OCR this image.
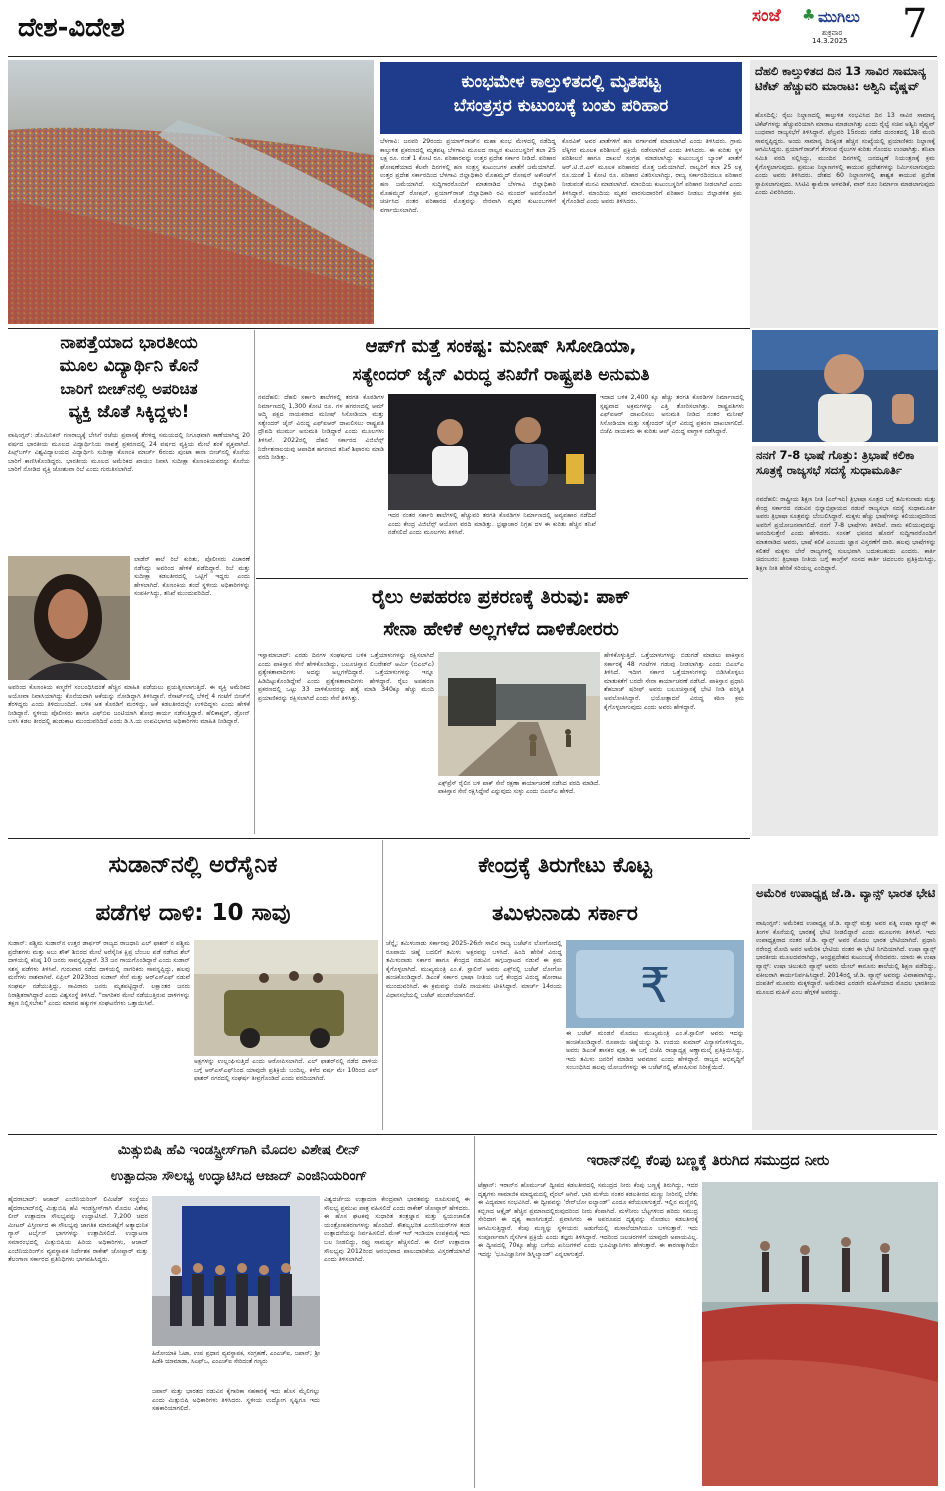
ದೇಶ-ವಿದೇಶ	ಸಂಜೆ ♣ ಮುಗಿಲು
ಶುಕ್ರವಾರ
14.3.2025 7
ಕುಂಭಮೇಳ ಕಾಲ್ತುಳಿತದಲ್ಲಿ ಮೃತಪಟ್ಟ
ಬೆಸಂತ್ರಸ್ತರ ಕುಟುಂಬಕ್ಕೆ ಬಂತು ಪರಿಹಾರ
ಬೆಳಗಾವಿ: ಜನವರಿ 29ರಂದು ಪ್ರಯಾಗ್‌ರಾಜ್‌ನ ಮಹಾ ಕುಂಭ ಮೇಳದಲ್ಲಿ ನಡೆದಿದ್ದ ಕಾಲ್ತುಳಿತ ಪ್ರಕರಣದಲ್ಲಿ ಮೃತಪಟ್ಟ ಬೆಳಗಾವಿ ಮೂಲದ ನಾಲ್ವರ ಕುಟುಂಬಸ್ಥರಿಗೆ ತಲಾ 25 ಲಕ್ಷ ರೂ. ನಂತೆ 1 ಕೋಟಿ ರೂ. ಪರಿಹಾರವನ್ನು ಉತ್ತರ ಪ್ರದೇಶ ಸರ್ಕಾರ ನೀಡಿದೆ. ಪರಿಹಾರ ಘೋಷಣೆಯಾದ ಕೆಲವೇ ದಿನಗಳಲ್ಲಿ ಹಣ ಸಂತ್ರಸ್ತ ಕುಟುಂಬಗಳ ಖಾತೆಗೆ ಜಮೆಯಾಗಿದೆ. ಉತ್ತರ ಪ್ರದೇಶ ಸರ್ಕಾರದಿಂದ ಬೆಳಗಾವಿ ಜಿಲ್ಲಾಧಿಕಾರಿ ಮೊಹಮ್ಮದ್ ರೋಷನ್ ಅಕೌಂಟ್‌ಗೆ ಹಣ ಜಮೆಯಾಗಿದೆ. ಸುದ್ದಿಗಾರರೊಂದಿಗೆ ಮಾತನಾಡಿದ ಬೆಳಗಾವಿ ಜಿಲ್ಲಾಧಿಕಾರಿ ಮೊಹಮ್ಮದ್ ರೋಷನ್, ಪ್ರಯಾಗ್‌ರಾಜ್ ಜಿಲ್ಲಾಧಿಕಾರಿ ರವಿ ಮಂದರ್ ಅವರೊಂದಿಗೆ ಚರ್ಚಿಸಿದ ನಂತರ ಪರಿಹಾರದ ಮೊತ್ತವನ್ನು ನೇರವಾಗಿ ಮೃತರ ಕುಟುಂಬಗಳಿಗೆ ವರ್ಗಾಯಿಸಲಾಗಿದೆ.
ಕೊರವಿಕ್ ಅವರ ಖಾತೆಗಳಿಗೆ ಹಣ ವರ್ಗಾವಣೆ ಮಾಡಲಾಗಿದೆ ಎಂದು ತಿಳಿಸಿದರು. ಗ್ರಾಮ ಲೆಕ್ಕಿಗರ ಮೂಲಕ ಪರಿಶೀಲನೆ ಪ್ರಕ್ರಿಯೆ ನಡೆಸಲಾಗಿದೆ ಎಂದು ತಿಳಿಸಿದರು. ಈ ಕುರಿತು ಸ್ಥಳ ಪರಿಶೀಲನೆ ಹಾಗೂ ದಾಖಲೆ ಸಂಗ್ರಹ ಮಾಡಲಾಗಿದ್ದು ಕುಟುಂಬಸ್ಥರ ಬ್ಯಾಂಕ್ ಖಾತೆಗೆ ಆರ್.ಟಿ.ಜಿ.ಎಸ್ ಮೂಲಕ ಪರಿಹಾರದ ಮೊತ್ತ ಜಮೆಯಾಗಿದೆ. ನಾಲ್ವರಿಗೆ ತಲಾ 25 ಲಕ್ಷ ರೂ.ಯಂತೆ 1 ಕೋಟಿ ರೂ. ಪರಿಹಾರ ವಿತರಿಸಲಾಗಿದ್ದು, ರಾಜ್ಯ ಸರ್ಕಾರದಿಂದಲೂ ಪರಿಹಾರ ನೀಡುವಂತೆ ಮನವಿ ಮಾಡಲಾಗಿದೆ. ಮಾಂದಿಯ ಕುಟುಂಬಸ್ಥರಿಗೆ ಪರಿಹಾರ ನೀಡಲಾಗಿದೆ ಎಂದು ತಿಳಿಸಿದ್ದಾರೆ. ಮಾಂದಿಯ ಮೃತರ ವಾರಸುದಾರರಿಗೆ ಪರಿಹಾರ ನೀಡಲು ಜಿಲ್ಲಾಡಳಿತ ಕ್ರಮ ಕೈಗೊಂಡಿದೆ ಎಂದು ಅವರು ತಿಳಿಸಿದರು.
ದೆಹಲಿ ಕಾಲ್ತುಳಿತದ ದಿನ 13 ಸಾವಿರ ಸಾಮಾನ್ಯ ಟಿಕೆಟ್ ಹೆಚ್ಚುವರಿ ಮಾರಾಟ: ಅಶ್ವಿನಿ ವೈಷ್ಣವ್
ಹೊಸದಿಲ್ಲಿ: ರೈಲು ನಿಲ್ದಾಣದಲ್ಲಿ ಕಾಲ್ತುಳಿತ ಸಂಭವಿಸಿದ ದಿನ 13 ಸಾವಿರ ಸಾಮಾನ್ಯ ಟಿಕೆಟ್‌ಗಳನ್ನು ಹೆಚ್ಚುವರಿಯಾಗಿ ಮಾರಾಟ ಮಾಡಲಾಗಿತ್ತು ಎಂದು ರೈಲ್ವೆ ಸಚಿವ ಅಶ್ವಿನಿ ವೈಷ್ಣವ್ ಬುಧವಾರ ರಾಜ್ಯಸಭೆಗೆ ತಿಳಿಸಿದ್ದಾರೆ. ಫೆಬ್ರವರಿ 15ರಂದು ನಡೆದ ದುರಂತದಲ್ಲಿ 18 ಮಂದಿ ಸಾವನ್ನಪ್ಪಿದ್ದರು. ಅಂದು ಸಾಮಾನ್ಯ ದಿನಕ್ಕಿಂತ ಹೆಚ್ಚಿನ ಸಂಖ್ಯೆಯಲ್ಲಿ ಪ್ರಯಾಣಿಕರು ನಿಲ್ದಾಣಕ್ಕೆ ಆಗಮಿಸಿದ್ದರು. ಪ್ರಯಾಗ್‌ರಾಜ್‌ಗೆ ತೆರಳುವ ರೈಲುಗಳ ಕುರಿತು ಗೊಂದಲ ಉಂಟಾಗಿತ್ತು. ತನಿಖಾ ಸಮಿತಿ ವರದಿ ಸಲ್ಲಿಸಿದ್ದು, ಮುಂದಿನ ದಿನಗಳಲ್ಲಿ ಜನದಟ್ಟಣೆ ನಿಯಂತ್ರಣಕ್ಕೆ ಕ್ರಮ ಕೈಗೊಳ್ಳಲಾಗುವುದು. ಪ್ರಮುಖ ನಿಲ್ದಾಣಗಳಲ್ಲಿ ಕಾಯುವ ಪ್ರದೇಶಗಳನ್ನು ನಿರ್ಮಿಸಲಾಗುವುದು ಎಂದು ಅವರು ತಿಳಿಸಿದರು. ದೇಶದ 60 ನಿಲ್ದಾಣಗಳಲ್ಲಿ ಶಾಶ್ವತ ಕಾಯುವ ಪ್ರದೇಶ ಸ್ಥಾಪಿಸಲಾಗುವುದು. ಸಿಸಿಟಿವಿ ಕ್ಯಾಮೆರಾ ಅಳವಡಿಕೆ, ವಾರ್ ರೂಂ ನಿರ್ಮಾಣ ಮಾಡಲಾಗುವುದು ಎಂದು ವಿವರಿಸಿದರು.
ನಾಪತ್ತೆಯಾದ ಭಾರತೀಯ
ಮೂಲ ವಿದ್ಯಾರ್ಥಿನಿ ಕೊನೆ
ಬಾರಿಗೆ ಬೀಚ್‌ನಲ್ಲಿ ಅಪರಿಚಿತ
ವ್ಯಕ್ತಿ ಜೊತೆ ಸಿಕ್ಕಿದ್ದಳು!
ವಾಷಿಂಗ್ಟನ್: ಡೊಮಿನಿಕನ್ ಗಣರಾಜ್ಯಕ್ಕೆ ಬೇಸಿಗೆ ರಜೆಯ ಪ್ರವಾಸಕ್ಕೆ ತೆರಳಿದ್ದ ಸಮಯದಲ್ಲಿ ನಿಗೂಢವಾಗಿ ಕಾಣೆಯಾಗಿದ್ದ 20 ವರ್ಷದ ಭಾರತೀಯ ಮೂಲದ ವಿದ್ಯಾರ್ಥಿನಿಯ ನಾಪತ್ತೆ ಪ್ರಕರಣದಲ್ಲಿ 24 ವರ್ಷದ ವ್ಯಕ್ತಿಯ ಮೇಲೆ ಶಂಕೆ ವ್ಯಕ್ತವಾಗಿದೆ. ಪಿಟ್ಸ್‌ಬರ್ಗ್ ವಿಶ್ವವಿದ್ಯಾಲಯದ ವಿದ್ಯಾರ್ಥಿನಿ ಸುದೀಕ್ಷಾ ಕೊಣಂಕಿ ಮಾರ್ಚ್ 6ರಂದು ಪುಂಟಾ ಕಾನಾ ಬೀಚ್‌ನಲ್ಲಿ ಕೊನೆಯ ಬಾರಿಗೆ ಕಾಣಿಸಿಕೊಂಡಿದ್ದರು. ಭಾರತೀಯ ಮೂಲದ ಅಮೆರಿಕದ ಖಾಯಂ ನಿವಾಸಿ ಸುದೀಕ್ಷಾ ಕೊಣಂಕಿಯವರನ್ನು ಕೊನೆಯ ಬಾರಿಗೆ ನೋಡಿದ ವ್ಯಕ್ತಿ ಜೋಶುವಾ ರಿಬೆ ಎಂದು ಗುರುತಿಸಲಾಗಿದೆ.
ಲಾಡೆನ್ ಕಾಲೆ ರಿಬೆ ಕುರಿತು, ಪೊಲೀಸರು ವಿಚಾರಣೆ ನಡೆಸಿದ್ದು ಅವರಿಂದ ಹೇಳಿಕೆ ಪಡೆದಿದ್ದಾರೆ. ರಿಬೆ ಮತ್ತು ಸುದೀಕ್ಷಾ ಕಡಲತೀರದಲ್ಲಿ ಒಟ್ಟಿಗೆ ಇದ್ದರು ಎಂದು ಹೇಳಲಾಗಿದೆ. ಕೊಣಂಕಿಯ ತಂದೆ ಸ್ಥಳೀಯ ಅಧಿಕಾರಿಗಳನ್ನು ಸಂಪರ್ಕಿಸಿದ್ದು, ತನಿಖೆ ಮುಂದುವರಿದಿದೆ.
ಅವರಿಂದ ಕೊಣಂಕಿಯ ಕಣ್ಮರೆಗೆ ಸಂಬಂಧಿಸಿದಂತೆ ಹೆಚ್ಚಿನ ಮಾಹಿತಿ ಪಡೆಯಲು ಪ್ರಯತ್ನಿಸಲಾಗುತ್ತಿದೆ. ಈ ವ್ಯಕ್ತಿ ಅಮೆರಿಕದ ಅಯೋವಾ ನಿವಾಸಿಯಾಗಿದ್ದು ಕೊನೆಯದಾಗಿ ಆಕೆಯನ್ನು ನೋಡಿದ್ದಾಗಿ ತಿಳಿಸಿದ್ದಾನೆ. ರೆಸಾರ್ಟ್‌ನಲ್ಲಿ ಬೆಳಿಗ್ಗೆ 4 ಗಂಟೆಗೆ ಬೀಚ್‌ಗೆ ತೆರಳಿದ್ದರು ಎಂದು ತಿಳಿದುಬಂದಿದೆ. ಬಳಿಕ ಆತ ಕೊಠಡಿಗೆ ಮರಳಿದ್ದು, ಆಕೆ ಕಡಲತೀರದಲ್ಲೇ ಉಳಿದಿದ್ದಳು ಎಂದು ಹೇಳಿಕೆ ನೀಡಿದ್ದಾನೆ. ಸ್ಥಳೀಯ ಪೊಲೀಸರು ಹಾಗೂ ಎಫ್‌ಬಿಐ ಜಂಟಿಯಾಗಿ ಶೋಧ ಕಾರ್ಯ ನಡೆಸುತ್ತಿದ್ದಾರೆ. ಹೆಲಿಕಾಪ್ಟರ್, ಡ್ರೋನ್ ಬಳಸಿ ಕಡಲ ತೀರದಲ್ಲಿ ಹುಡುಕಾಟ ಮುಂದುವರಿದಿದೆ ಎಂದು ಡಿ.ಸಿ.ಯ ಉಪವಿಭಾಗದ ಅಧಿಕಾರಿಗಳು ಮಾಹಿತಿ ನೀಡಿದ್ದಾರೆ.
ಆಪ್‌ಗೆ ಮತ್ತೆ ಸಂಕಷ್ಟ: ಮನೀಷ್ ಸಿಸೋಡಿಯಾ,
ಸತ್ಯೇಂದರ್ ಜೈನ್ ವಿರುದ್ಧ ತನಿಖೆಗೆ ರಾಷ್ಟ್ರಪತಿ ಅನುಮತಿ
ನವದೆಹಲಿ: ದೆಹಲಿ ಸರ್ಕಾರಿ ಶಾಲೆಗಳಲ್ಲಿ ತರಗತಿ ಕೊಠಡಿಗಳ ನಿರ್ಮಾಣದಲ್ಲಿ 1,300 ಕೋಟಿ ರೂ. ಗಳ ಹಗರಣದಲ್ಲಿ ಆಮ್ ಆದ್ಮಿ ಪಕ್ಷದ ನಾಯಕರಾದ ಮನೀಷ್ ಸಿಸೋಡಿಯಾ ಮತ್ತು ಸತ್ಯೇಂದರ್ ಜೈನ್ ವಿರುದ್ಧ ಎಫ್‌ಐಆರ್ ದಾಖಲಿಸಲು ರಾಷ್ಟ್ರಪತಿ ದ್ರೌಪದಿ ಮುರ್ಮು ಅನುಮತಿ ನೀಡಿದ್ದಾರೆ ಎಂದು ಮೂಲಗಳು ತಿಳಿಸಿವೆ. 2022ರಲ್ಲಿ ದೆಹಲಿ ಸರ್ಕಾರದ ವಿಜಿಲೆನ್ಸ್ ನಿರ್ದೇಶನಾಲಯವು ಆಪಾದಿತ ಹಗರಣದ ತನಿಖೆ ಶಿಫಾರಸು ಮಾಡಿ ವರದಿ ನೀಡಿತ್ತು.
ಇದರ ನಂತರ ಸರ್ಕಾರಿ ಶಾಲೆಗಳಲ್ಲಿ ಹೆಚ್ಚುವರಿ ತರಗತಿ ಕೊಠಡಿಗಳ ನಿರ್ಮಾಣದಲ್ಲಿ ಅವ್ಯವಹಾರ ನಡೆದಿದೆ ಎಂದು ಕೇಂದ್ರ ವಿಜಿಲೆನ್ಸ್ ಆಯೋಗ ವರದಿ ಮಾಡಿತ್ತು. ಭ್ರಷ್ಟಾಚಾರ ನಿಗ್ರಹ ದಳ ಈ ಕುರಿತು ಹೆಚ್ಚಿನ ತನಿಖೆ ನಡೆಸಲಿದೆ ಎಂದು ಮೂಲಗಳು ತಿಳಿಸಿವೆ.
ಇದಾದ ಬಳಿಕ 2,400 ಕ್ಕೂ ಹೆಚ್ಚು ತರಗತಿ ಕೊಠಡಿಗಳ ನಿರ್ಮಾಣದಲ್ಲಿ ಸ್ಪಷ್ಟವಾದ ಅಕ್ರಮಗಳನ್ನು ಎತ್ತಿ ತೋರಿಸಲಾಗಿತ್ತು. ರಾಷ್ಟ್ರಪತಿಗಳು ಎಫ್‌ಐಆರ್ ದಾಖಲಿಸಲು ಅನುಮತಿ ನೀಡಿದ ನಂತರ ಮನೀಷ್ ಸಿಸೋಡಿಯಾ ಮತ್ತು ಸತ್ಯೇಂದರ್ ಜೈನ್ ವಿರುದ್ಧ ಪ್ರಕರಣ ದಾಖಲಾಗಲಿದೆ. ಬಿಜೆಪಿ ನಾಯಕರು ಈ ಕುರಿತು ಆಪ್ ವಿರುದ್ಧ ವಾಗ್ದಾಳಿ ನಡೆಸಿದ್ದಾರೆ.
ರೈಲು ಅಪಹರಣ ಪ್ರಕರಣಕ್ಕೆ ತಿರುವು: ಪಾಕ್
ಸೇನಾ ಹೇಳಿಕೆ ಅಲ್ಲಗಳೆದ ದಾಳಿಕೋರರು
ಇಸ್ಲಾಮಾಬಾದ್: ಎರಡು ದಿನಗಳ ಸಂಘರ್ಷದ ಬಳಿಕ ಒತ್ತೆಯಾಳುಗಳನ್ನು ರಕ್ಷಿಸಲಾಗಿದೆ ಎಂದು ಪಾಕಿಸ್ತಾನ ಸೇನೆ ಹೇಳಿಕೊಂಡಿದ್ದು, ಬಲೂಚಿಸ್ತಾನ ಲಿಬರೇಶನ್ ಆರ್ಮಿ (ಬಿಎಲ್‌ಎ) ಪ್ರತ್ಯೇಕತಾವಾದಿಗಳು ಅದನ್ನು ಅಲ್ಲಗಳೆದಿದ್ದಾರೆ. ಒತ್ತೆಯಾಳುಗಳನ್ನು ಇನ್ನೂ ಹಿಡಿದಿಟ್ಟುಕೊಂಡಿದ್ದೇವೆ ಎಂದು ಪ್ರತ್ಯೇಕತಾವಾದಿಗಳು ಹೇಳಿದ್ದಾರೆ. ರೈಲು ಅಪಹರಣ ಪ್ರಕರಣದಲ್ಲಿ ಒಟ್ಟು 33 ದಾಳಿಕೋರರನ್ನು ಹತ್ಯೆ ಮಾಡಿ 340ಕ್ಕೂ ಹೆಚ್ಚು ಮಂದಿ ಪ್ರಯಾಣಿಕರನ್ನು ರಕ್ಷಿಸಲಾಗಿದೆ ಎಂದು ಸೇನೆ ತಿಳಿಸಿತ್ತು.
ಎಕ್ಸ್‌ಪ್ರೆಸ್ ರೈಲಿನ ಬಳಿ ಪಾಕ್ ಸೇನೆ ರಕ್ಷಣಾ ಕಾರ್ಯಾಚರಣೆ ನಡೆಸಿದ ವರದಿ ಮಾಡಿದೆ. ಪಾಕಿಸ್ತಾನ ಸೇನೆ ರಕ್ಷಿಸಿದ್ದೇವೆ ಎನ್ನುವುದು ಸುಳ್ಳು ಎಂದು ಬಿಎಲ್‌ಎ ಹೇಳಿದೆ.
ಹೇಳಿಕೊಳ್ಳುತ್ತಿದೆ. ಒತ್ತೆಯಾಳುಗಳನ್ನು ಬಿಡುಗಡೆ ಮಾಡಲು ಪಾಕಿಸ್ತಾನ ಸರ್ಕಾರಕ್ಕೆ 48 ಗಂಟೆಗಳ ಗಡುವು ನೀಡಲಾಗಿತ್ತು ಎಂದು ಬಿಎಲ್‌ಎ ತಿಳಿಸಿದೆ. ಇದೀಗ ಸರ್ಕಾರ ಒತ್ತೆಯಾಳುಗಳನ್ನು ಬಿಡಿಸಿಕೊಳ್ಳಲು ಮಾತುಕತೆಗೆ ಬರದೇ ಸೇನಾ ಕಾರ್ಯಾಚರಣೆ ನಡೆಸಿದೆ. ಪಾಕಿಸ್ತಾನ ಪ್ರಧಾನಿ ಶೆಹಬಾಜ್ ಷರೀಫ್ ಅವರು ಬಲೂಚಿಸ್ತಾನಕ್ಕೆ ಭೇಟಿ ನೀಡಿ ಪರಿಸ್ಥಿತಿ ಅವಲೋಕಿಸಿದ್ದಾರೆ. ಭಯೋತ್ಪಾದನೆ ವಿರುದ್ಧ ಕಠಿಣ ಕ್ರಮ ಕೈಗೊಳ್ಳಲಾಗುವುದು ಎಂದು ಅವರು ಹೇಳಿದ್ದಾರೆ.
ನನಗೆ 7-8 ಭಾಷೆ ಗೊತ್ತು: ತ್ರಿಭಾಷೆ ಕಲಿಕಾ ಸೂತ್ರಕ್ಕೆ ರಾಜ್ಯಸಭೆ ಸದಸ್ಯೆ ಸುಧಾಮೂರ್ತಿ
ನವದೆಹಲಿ: ರಾಷ್ಟ್ರೀಯ ಶಿಕ್ಷಣ ನೀತಿ (ಎನ್‌ಇಪಿ) ತ್ರಿಭಾಷಾ ಸೂತ್ರದ ಬಗ್ಗೆ ತಮಿಳುನಾಡು ಮತ್ತು ಕೇಂದ್ರ ಸರ್ಕಾರದ ನಡುವಿನ ಭಿನ್ನಾಭಿಪ್ರಾಯದ ನಡುವೆ ರಾಜ್ಯಸಭಾ ಸದಸ್ಯೆ ಸುಧಾಮೂರ್ತಿ ಅವರು ತ್ರಿಭಾಷಾ ಸೂತ್ರವನ್ನು ಬೆಂಬಲಿಸಿದ್ದಾರೆ. ಮಕ್ಕಳು ಹೆಚ್ಚು ಭಾಷೆಗಳನ್ನು ಕಲಿಯುವುದರಿಂದ ಅವರಿಗೆ ಪ್ರಯೋಜನವಾಗಲಿದೆ. ನನಗೆ 7-8 ಭಾಷೆಗಳು ತಿಳಿದಿವೆ. ನಾನು ಕಲಿಯುವುದನ್ನು ಆನಂದಿಸುತ್ತೇನೆ ಎಂದು ಹೇಳಿದರು. ಸಂಸತ್ ಭವನದ ಹೊರಗೆ ಸುದ್ದಿಗಾರರೊಂದಿಗೆ ಮಾತನಾಡಿದ ಅವರು, ಭಾಷೆ ಕಲಿಕೆ ಎಂಬುದು ಜ್ಞಾನ ವಿಸ್ತರಣೆಗೆ ದಾರಿ. ಹಲವು ಭಾಷೆಗಳನ್ನು ಕಲಿತರೆ ಮಕ್ಕಳು ಬೇರೆ ರಾಜ್ಯಗಳಲ್ಲಿ ಸುಲಭವಾಗಿ ಬದುಕಬಹುದು ಎಂದರು. ಕಾರ್ತಿ ಚಿದಂಬರಂ: ತ್ರಿಭಾಷಾ ನೀತಿಯ ಬಗ್ಗೆ ಕಾಂಗ್ರೆಸ್ ಸಂಸದ ಕಾರ್ತಿ ಚಿದಂಬರಂ ಪ್ರತಿಕ್ರಿಯಿಸಿದ್ದು, ಶಿಕ್ಷಣ ನೀತಿ ಹೇರಿಕೆ ಸರಿಯಲ್ಲ ಎಂದಿದ್ದಾರೆ.
ಸುಡಾನ್‌ನಲ್ಲಿ ಅರೆಸೈನಿಕ
ಪಡೆಗಳ ದಾಳಿ: 10 ಸಾವು
ಸುಡಾನ್: ಪಶ್ಚಿಮ ಸುಡಾನ್‌ನ ಉತ್ತರ ಡಾರ್ಫರ್ ರಾಜ್ಯದ ರಾಜಧಾನಿ ಎಲ್ ಫಾಶರ್ ನ ಪಶ್ಚಿಮ ಪ್ರದೇಶಗಳು ಮತ್ತು ಅಬು ಶೌಕ್ ಶಿಬಿರದ ಮೇಲೆ ಅರೆಸೈನಿಕ ಕ್ಷಿಪ್ರ ಬೆಂಬಲ ಪಡೆ ನಡೆಸಿದ ಶೆಲ್ ದಾಳಿಯಲ್ಲಿ ಕನಿಷ್ಠ 10 ಜನರು ಸಾವನ್ನಪ್ಪಿದ್ದಾರೆ. 33 ಜನ ಗಾಯಗೊಂಡಿದ್ದಾರೆ ಎಂದು ಸುಡಾನ್ ಸಶಸ್ತ್ರ ಪಡೆಗಳು ತಿಳಿಸಿವೆ. ಗುರುವಾರ ನಡೆದ ದಾಳಿಯಲ್ಲಿ ನಾಗರಿಕರು ಸಾವನ್ನಪ್ಪಿದ್ದು, ಹಲವು ಮನೆಗಳು ನಾಶವಾಗಿವೆ. ಏಪ್ರಿಲ್ 2023ರಿಂದ ಸುಡಾನ್ ಸೇನೆ ಮತ್ತು ಆರ್‌ಎಸ್‌ಎಫ್ ನಡುವೆ ಸಂಘರ್ಷ ನಡೆಯುತ್ತಿದ್ದು, ಸಾವಿರಾರು ಜನರು ಮೃತಪಟ್ಟಿದ್ದಾರೆ. ಲಕ್ಷಾಂತರ ಜನರು ನಿರಾಶ್ರಿತರಾಗಿದ್ದಾರೆ ಎಂದು ವಿಶ್ವಸಂಸ್ಥೆ ತಿಳಿಸಿದೆ. "ನಾಗರಿಕರ ಮೇಲೆ ನಡೆಯುತ್ತಿರುವ ದಾಳಿಗಳನ್ನು ತಕ್ಷಣ ನಿಲ್ಲಿಸಬೇಕು" ಎಂದು ಮಾನವ ಹಕ್ಕುಗಳ ಸಂಘಟನೆಗಳು ಒತ್ತಾಯಿಸಿವೆ.
ಅಕ್ಷಗಳನ್ನು ಉಲ್ಲಂಘಿಸುತ್ತಿದೆ ಎಂದು ಆರೋಪಿಸಲಾಗಿದೆ. ಎಲ್ ಫಾಶರ್‌ನಲ್ಲಿ ನಡೆದ ದಾಳಿಯ ಬಗ್ಗೆ ಆರ್‌ಎಸ್‌ಎಫ್‌ನಿಂದ ಯಾವುದೇ ಪ್ರತಿಕ್ರಿಯೆ ಬಂದಿಲ್ಲ. ಕಳೆದ ವರ್ಷ ಮೇ 10ರಿಂದ ಎಲ್ ಫಾಶರ್ ನಗರದಲ್ಲಿ ಸಂಘರ್ಷ ತೀವ್ರಗೊಂಡಿದೆ ಎಂದು ವರದಿಯಾಗಿದೆ.
ಕೇಂದ್ರಕ್ಕೆ ತಿರುಗೇಟು ಕೊಟ್ಟ
ತಮಿಳುನಾಡು ಸರ್ಕಾರ
ಚೆನ್ನೈ: ತಮಿಳುನಾಡು ಸರ್ಕಾರವು 2025-26ನೇ ಸಾಲಿನ ರಾಜ್ಯ ಬಜೆಟ್‌ನ ಲೋಗೋದಲ್ಲಿ ರೂಪಾಯಿ ಚಿಹ್ನೆ ಬದಲಿಗೆ ತಮಿಳು ಅಕ್ಷರವನ್ನು ಬಳಸಿದೆ. ಹಿಂದಿ ಹೇರಿಕೆ ವಿರುದ್ಧ ತಮಿಳುನಾಡು ಸರ್ಕಾರ ಹಾಗೂ ಕೇಂದ್ರದ ನಡುವಿನ ಹಗ್ಗಜಗ್ಗಾಟದ ನಡುವೆ ಈ ಕ್ರಮ ಕೈಗೊಳ್ಳಲಾಗಿದೆ. ಮುಖ್ಯಮಂತ್ರಿ ಎಂ.ಕೆ. ಸ್ಟಾಲಿನ್ ಅವರು ಎಕ್ಸ್‌ನಲ್ಲಿ ಬಜೆಟ್ ಲೋಗೋ ಹಂಚಿಕೊಂಡಿದ್ದಾರೆ. ಡಿಎಂಕೆ ಸರ್ಕಾರ ಭಾಷಾ ನೀತಿಯ ಬಗ್ಗೆ ಕೇಂದ್ರದ ವಿರುದ್ಧ ಹೋರಾಟ ಮುಂದುವರಿಸಿದೆ. ಈ ಕ್ರಮವನ್ನು ಬಿಜೆಪಿ ನಾಯಕರು ಟೀಕಿಸಿದ್ದಾರೆ. ಮಾರ್ಚ್ 14ರಂದು ವಿಧಾನಸಭೆಯಲ್ಲಿ ಬಜೆಟ್ ಮಂಡನೆಯಾಗಲಿದೆ.	₹
ಈ ಬಜೆಟ್ ಮಂಡನೆ ಮೊದಲು ಮುಖ್ಯಮಂತ್ರಿ ಎಂ.ಕೆ.ಸ್ಟಾಲಿನ್ ಅವರು ಇದನ್ನು ಹಂಚಿಕೊಂಡಿದ್ದಾರೆ. ರೂಪಾಯಿ ಚಿಹ್ನೆಯನ್ನು ಡಿ. ಉದಯ ಕುಮಾರ್ ವಿನ್ಯಾಸಗೊಳಿಸಿದ್ದರು, ಅವರು ಡಿಎಂಕೆ ಶಾಸಕರ ಪುತ್ರ. ಈ ಬಗ್ಗೆ ಬಿಜೆಪಿ ರಾಜ್ಯಾಧ್ಯಕ್ಷ ಅಣ್ಣಾಮಲೈ ಪ್ರತಿಕ್ರಿಯಿಸಿದ್ದು, ಇದು ತಮಿಳು ಜನರಿಗೆ ಮಾಡಿದ ಅವಮಾನ ಎಂದು ಹೇಳಿದ್ದಾರೆ. ರಾಜ್ಯದ ಅಭಿವೃದ್ಧಿಗೆ ಸಂಬಂಧಿಸಿದ ಹಲವು ಯೋಜನೆಗಳನ್ನು ಈ ಬಜೆಟ್‌ನಲ್ಲಿ ಘೋಷಿಸುವ ನಿರೀಕ್ಷೆಯಿದೆ.
ಅಮೆರಿಕ ಉಪಾಧ್ಯಕ್ಷ ಜೆ.ಡಿ. ವ್ಯಾನ್ಸ್ ಭಾರತ ಭೇಟಿ
ವಾಷಿಂಗ್ಟನ್: ಅಮೆರಿಕದ ಉಪಾಧ್ಯಕ್ಷ ಜೆ.ಡಿ. ವ್ಯಾನ್ಸ್ ಮತ್ತು ಅವರ ಪತ್ನಿ ಉಷಾ ವ್ಯಾನ್ಸ್ ಈ ತಿಂಗಳ ಕೊನೆಯಲ್ಲಿ ಭಾರತಕ್ಕೆ ಭೇಟಿ ನೀಡಲಿದ್ದಾರೆ ಎಂದು ಮೂಲಗಳು ತಿಳಿಸಿವೆ. ಇದು ಉಪಾಧ್ಯಕ್ಷರಾದ ನಂತರ ಜೆ.ಡಿ. ವ್ಯಾನ್ಸ್ ಅವರ ಮೊದಲ ಭಾರತ ಭೇಟಿಯಾಗಿದೆ. ಪ್ರಧಾನಿ ನರೇಂದ್ರ ಮೋದಿ ಅವರ ಅಮೆರಿಕ ಭೇಟಿಯ ನಂತರ ಈ ಭೇಟಿ ನಿಗದಿಯಾಗಿದೆ. ಉಷಾ ವ್ಯಾನ್ಸ್ ಭಾರತೀಯ ಮೂಲದವರಾಗಿದ್ದು, ಆಂಧ್ರಪ್ರದೇಶದ ಕುಟುಂಬಕ್ಕೆ ಸೇರಿದವರು. ಯಾರು ಈ ಉಷಾ ವ್ಯಾನ್ಸ್: ಉಷಾ ಚಿಲುಕುರಿ ವ್ಯಾನ್ಸ್ ಅವರು ಯೇಲ್ ಕಾನೂನು ಶಾಲೆಯಲ್ಲಿ ಶಿಕ್ಷಣ ಪಡೆದಿದ್ದು, ವಕೀಲರಾಗಿ ಕಾರ್ಯನಿರ್ವಹಿಸಿದ್ದಾರೆ. 2014ರಲ್ಲಿ ಜೆ.ಡಿ. ವ್ಯಾನ್ಸ್ ಅವರನ್ನು ವಿವಾಹವಾಗಿದ್ದು, ದಂಪತಿಗೆ ಮೂವರು ಮಕ್ಕಳಿದ್ದಾರೆ. ಅಮೆರಿಕದ ಎರಡನೇ ಮಹಿಳೆಯಾದ ಮೊದಲ ಭಾರತೀಯ ಮೂಲದ ಮಹಿಳೆ ಎಂಬ ಹೆಗ್ಗಳಿಕೆ ಅವರದ್ದು.
ಮಿತ್ಸುಬಿಷಿ ಹೆವಿ ಇಂಡಸ್ಟ್ರೀಸ್‌ಗಾಗಿ ಮೊದಲ ವಿಶೇಷ ಲೀನ್
ಉತ್ಪಾದನಾ ಸೌಲಭ್ಯ ಉದ್ಘಾಟಿಸಿದ ಆಜಾದ್ ಎಂಜಿನಿಯರಿಂಗ್
ಹೈದರಾಬಾದ್: ಆಜಾದ್ ಎಂಜಿನಿಯರಿಂಗ್ ಲಿಮಿಟೆಡ್ ಸಂಸ್ಥೆಯು ಹೈದರಾಬಾದ್‌ನಲ್ಲಿ ಮಿತ್ಸುಬಿಷಿ ಹೆವಿ ಇಂಡಸ್ಟ್ರೀಸ್‌ಗಾಗಿ ಮೊದಲ ವಿಶೇಷ ಲೀನ್ ಉತ್ಪಾದನಾ ಸೌಲಭ್ಯವನ್ನು ಉದ್ಘಾಟಿಸಿದೆ. 7,200 ಚದರ ಮೀಟರ್ ವಿಸ್ತೀರ್ಣದ ಈ ಸೌಲಭ್ಯವು ಜಾಗತಿಕ ಮಾರುಕಟ್ಟೆಗೆ ಅತ್ಯಾಧುನಿಕ ಗ್ಯಾಸ್ ಟರ್ಬೈನ್ ಭಾಗಗಳನ್ನು ಉತ್ಪಾದಿಸಲಿದೆ. ಉದ್ಘಾಟನಾ ಸಮಾರಂಭದಲ್ಲಿ ಮಿತ್ಸುಬಿಷಿಯ ಹಿರಿಯ ಅಧಿಕಾರಿಗಳು, ಆಜಾದ್ ಎಂಜಿನಿಯರಿಂಗ್‌ನ ವ್ಯವಸ್ಥಾಪಕ ನಿರ್ದೇಶಕ ರಾಕೇಶ್ ಚೋಪ್ದಾರ್ ಮತ್ತು ತೆಲಂಗಾಣ ಸರ್ಕಾರದ ಪ್ರತಿನಿಧಿಗಳು ಭಾಗವಹಿಸಿದ್ದರು.
ಹಿರೋಯಾಕಿ ಓಟಾ, ಉಪ ಪ್ರಧಾನ ವ್ಯವಸ್ಥಾಪಕ, ಸಂಗ್ರಹಣೆ, ಎಂಎಚ್‌ಐ, ಜಪಾನ್; ಶ್ರೀ ಹಿಡೆಕಿ ಯಾಮಾಡಾ, ಸಿಎಫ್‌ಒ, ಎಂಎಚ್‌ಐ ಸೇರಿದಂತೆ ಗಣ್ಯರು
ಜಪಾನ್ ಮತ್ತು ಭಾರತದ ನಡುವಿನ ಕೈಗಾರಿಕಾ ಸಹಕಾರಕ್ಕೆ ಇದು ಹೊಸ ಮೈಲಿಗಲ್ಲು ಎಂದು ಮಿತ್ಸುಬಿಷಿ ಅಧಿಕಾರಿಗಳು ತಿಳಿಸಿದರು. ಸ್ಥಳೀಯ ಉದ್ಯೋಗ ಸೃಷ್ಟಿಗೂ ಇದು ಸಹಕಾರಿಯಾಗಲಿದೆ.
ವಿಶ್ವದರ್ಜೆಯ ಉತ್ಪಾದನಾ ಕೇಂದ್ರವಾಗಿ ಭಾರತವನ್ನು ರೂಪಿಸುವಲ್ಲಿ ಈ ಸೌಲಭ್ಯ ಪ್ರಮುಖ ಪಾತ್ರ ವಹಿಸಲಿದೆ ಎಂದು ರಾಕೇಶ್ ಚೋಪ್ದಾರ್ ಹೇಳಿದರು. ಈ ಹೊಸ ಘಟಕವು ಸುಧಾರಿತ ತಂತ್ರಜ್ಞಾನ ಮತ್ತು ಸ್ವಯಂಚಾಲಿತ ಯಂತ್ರೋಪಕರಣಗಳನ್ನು ಹೊಂದಿದೆ. ಕೌಶಲ್ಯಭರಿತ ಎಂಜಿನಿಯರ್‌ಗಳ ತಂಡ ಉತ್ಪಾದನೆಯನ್ನು ನಿರ್ವಹಿಸಲಿದೆ. ಮೇಕ್ ಇನ್ ಇಂಡಿಯಾ ಉಪಕ್ರಮಕ್ಕೆ ಇದು ಬಲ ನೀಡಲಿದ್ದು, ರಫ್ತು ಸಾಮರ್ಥ್ಯ ಹೆಚ್ಚಿಸಲಿದೆ. ಈ ಲೀನ್ ಉತ್ಪಾದನಾ ಸೌಲಭ್ಯವು 2012ರಿಂದ ಆರಂಭವಾದ ಪಾಲುದಾರಿಕೆಯ ವಿಸ್ತರಣೆಯಾಗಿದೆ ಎಂದು ತಿಳಿಸಲಾಗಿದೆ.
ಇರಾನ್‌ನಲ್ಲಿ ಕೆಂಪು ಬಣ್ಣಕ್ಕೆ ತಿರುಗಿದ ಸಮುದ್ರದ ನೀರು
ಟೆಹ್ರಾನ್: ಇರಾನ್‌ನ ಹೊರ್ಮುಜ್ ದ್ವೀಪದ ಕಡಲತೀರದಲ್ಲಿ ಸಮುದ್ರದ ನೀರು ಕೆಂಪು ಬಣ್ಣಕ್ಕೆ ತಿರುಗಿದ್ದು, ಇದರ ದೃಶ್ಯಗಳು ಸಾಮಾಜಿಕ ಮಾಧ್ಯಮದಲ್ಲಿ ವೈರಲ್ ಆಗಿವೆ. ಭಾರಿ ಮಳೆಯ ನಂತರ ಕಡಲತೀರದ ಮಣ್ಣು ನೀರಿನಲ್ಲಿ ಬೆರೆತು ಈ ವಿದ್ಯಮಾನ ಸಂಭವಿಸಿದೆ. ಈ ದ್ವೀಪವನ್ನು 'ರೇನ್‌ಬೋ ಐಲ್ಯಾಂಡ್' ಎಂದೂ ಕರೆಯಲಾಗುತ್ತದೆ. ಇಲ್ಲಿನ ಮಣ್ಣಿನಲ್ಲಿ ಕಬ್ಬಿಣದ ಆಕ್ಸೈಡ್ ಹೆಚ್ಚಿನ ಪ್ರಮಾಣದಲ್ಲಿರುವುದರಿಂದ ನೀರು ಕೆಂಪಾಗಿದೆ. ಮಳೆನೀರು ಬೆಟ್ಟಗಳಿಂದ ಹರಿದು ಸಮುದ್ರ ಸೇರಿದಾಗ ಈ ದೃಶ್ಯ ಕಾಣಸಿಗುತ್ತದೆ. ಪ್ರವಾಸಿಗರು ಈ ಅಪರೂಪದ ದೃಶ್ಯವನ್ನು ನೋಡಲು ಕಡಲತೀರಕ್ಕೆ ಆಗಮಿಸುತ್ತಿದ್ದಾರೆ. ಕೆಂಪು ಮಣ್ಣನ್ನು ಸ್ಥಳೀಯರು ಅಡುಗೆಯಲ್ಲಿ ಮಸಾಲೆಯಾಗಿಯೂ ಬಳಸುತ್ತಾರೆ. ಇದು ಸಂಪೂರ್ಣವಾಗಿ ನೈಸರ್ಗಿಕ ಪ್ರಕ್ರಿಯೆ ಎಂದು ತಜ್ಞರು ತಿಳಿಸಿದ್ದಾರೆ. ಇದರಿಂದ ಜಲಚರಗಳಿಗೆ ಯಾವುದೇ ಅಪಾಯವಿಲ್ಲ. ಈ ದ್ವೀಪದಲ್ಲಿ 70ಕ್ಕೂ ಹೆಚ್ಚು ಬಗೆಯ ಖನಿಜಗಳಿವೆ ಎಂದು ಭೂವಿಜ್ಞಾನಿಗಳು ಹೇಳುತ್ತಾರೆ. ಈ ಕಾರಣಕ್ಕಾಗಿಯೇ ಇದನ್ನು 'ಭೂವಿಜ್ಞಾನಿಗಳ ಡಿಸ್ನಿಲ್ಯಾಂಡ್' ಎನ್ನಲಾಗುತ್ತದೆ.
